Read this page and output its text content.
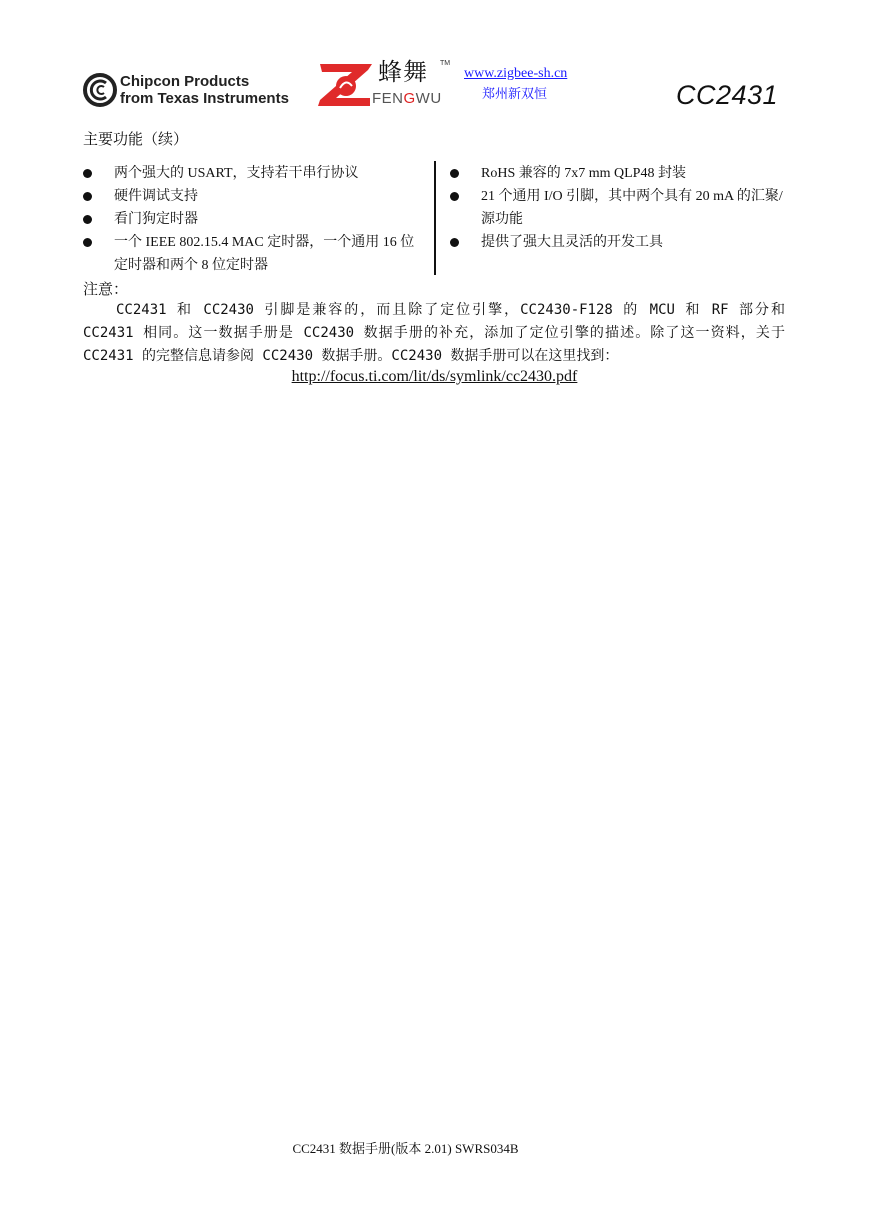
Chipcon Products
from Texas Instruments
蜂舞 TM
FENGWU
www.zigbee-sh.cn
郑州新双恒	CC2431
主要功能（续）
两个强大的 USART，支持若干串行协议
硬件调试支持
看门狗定时器
一个 IEEE 802.15.4 MAC 定时器，一个通用 16 位定时器和两个 8 位定时器
RoHS 兼容的 7x7 mm QLP48 封装
21 个通用 I/O 引脚，其中两个具有 20 mA 的汇聚/源功能
提供了强大且灵活的开发工具
注意：

CC2431 和 CC2430 引脚是兼容的，而且除了定位引擎，CC2430-F128 的 MCU 和 RF 部分和 CC2431 相同。这一数据手册是 CC2430 数据手册的补充，添加了定位引擎的描述。除了这一资料，关于 CC2431 的完整信息请参阅 CC2430 数据手册。CC2430 数据手册可以在这里找到：

http://focus.ti.com/lit/ds/symlink/cc2430.pdf
CC2431 数据手册(版本 2.01) SWRS034B
